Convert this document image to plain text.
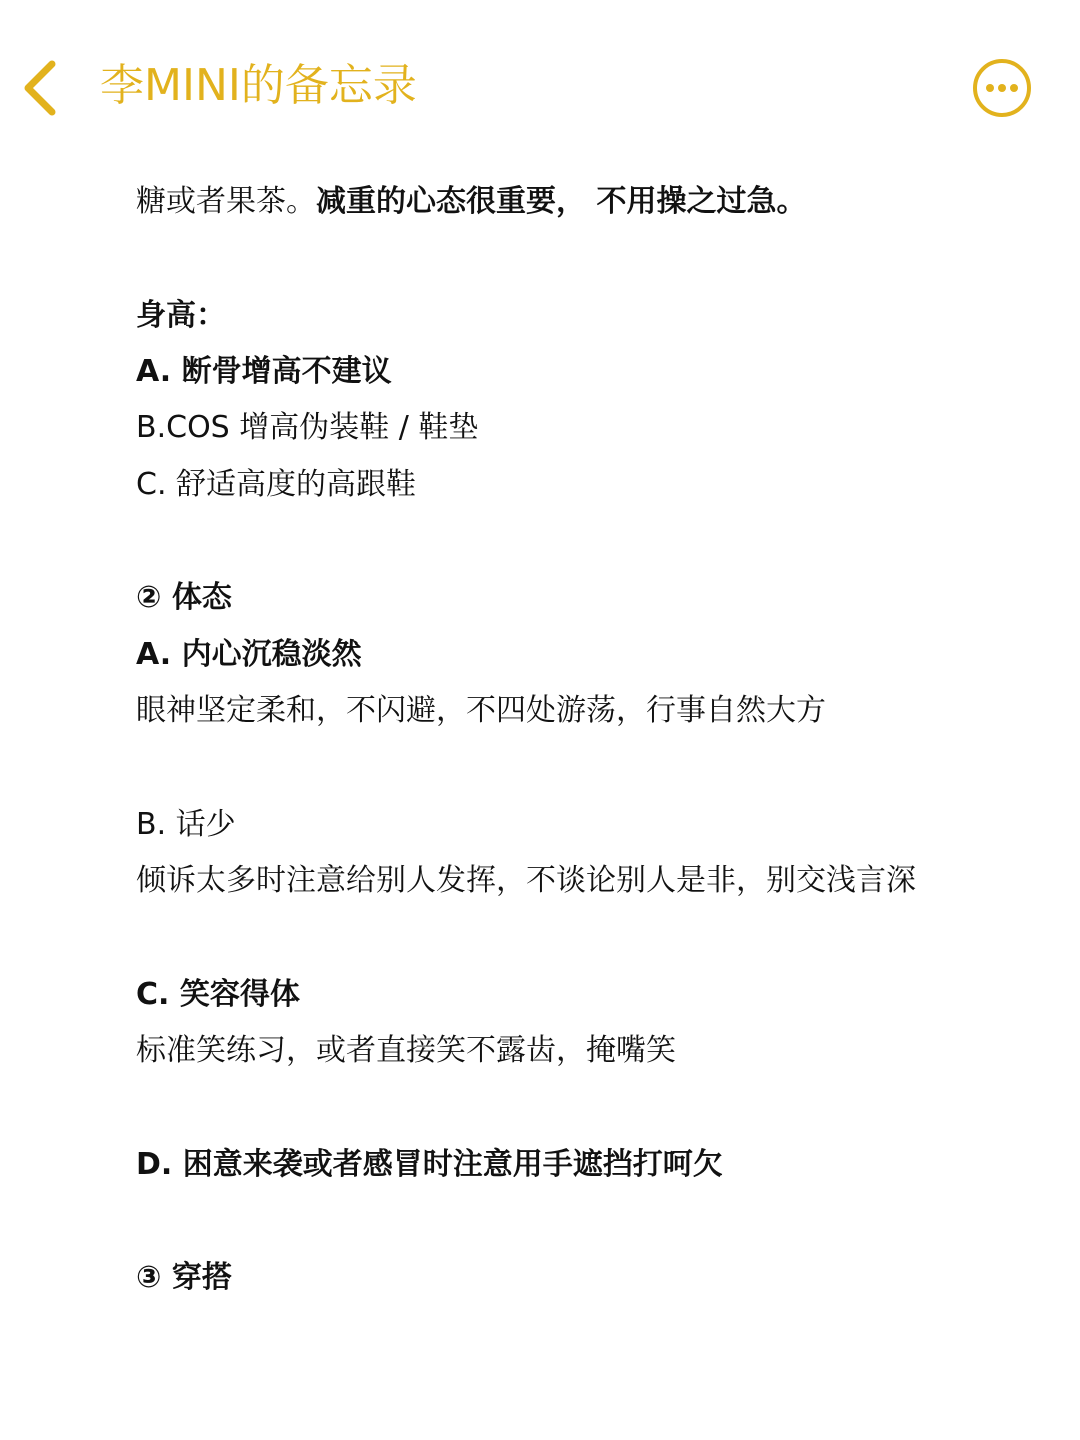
李MINI的备忘录
糖或者果茶。减重的心态很重要， 不用操之过急。
身高：
A. 断骨增高不建议
B.COS 增高伪装鞋 / 鞋垫
C. 舒适高度的高跟鞋
② 体态
A. 内心沉稳淡然
眼神坚定柔和，不闪避，不四处游荡，行事自然大方
B. 话少
倾诉太多时注意给别人发挥，不谈论别人是非，别交浅言深
C. 笑容得体
标准笑练习，或者直接笑不露齿，掩嘴笑
D. 困意来袭或者感冒时注意用手遮挡打呵欠
③ 穿搭
